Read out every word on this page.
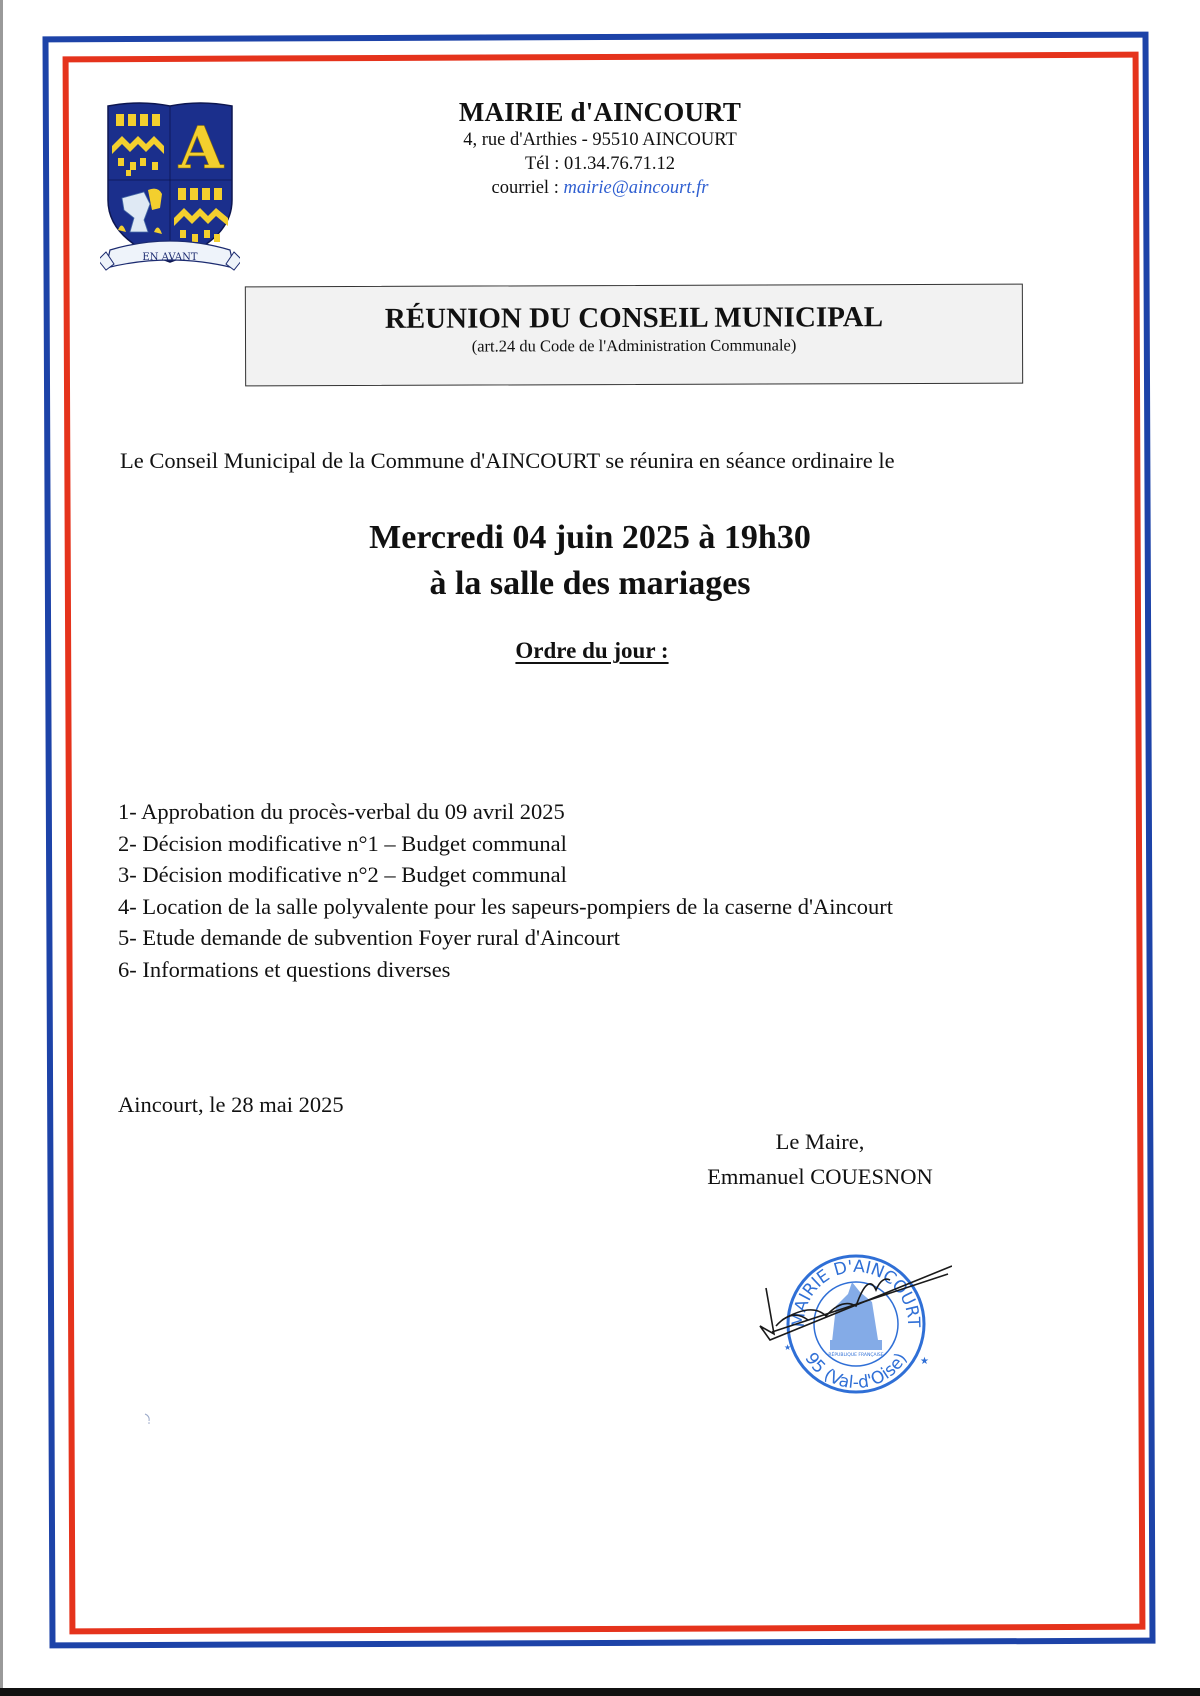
A
EN AVANT
MAIRIE d'AINCOURT
4, rue d'Arthies - 95510 AINCOURT
Tél : 01.34.76.71.12
courriel : mairie@aincourt.fr
RÉUNION DU CONSEIL MUNICIPAL
(art.24 du Code de l'Administration Communale)
Le Conseil Municipal de la Commune d'AINCOURT se réunira en séance ordinaire le
Mercredi 04 juin 2025 à 19h30
à la salle des mariages
Ordre du jour :
1- Approbation du procès-verbal du 09 avril 2025
2- Décision modificative n°1 – Budget communal
3- Décision modificative n°2 – Budget communal
4- Location de la salle polyvalente pour les sapeurs-pompiers de la caserne d'Aincourt
5- Etude demande de subvention Foyer rural d'Aincourt
6- Informations et questions diverses
Aincourt, le 28 mai 2025
Le Maire,
Emmanuel COUESNON
MAIRIE D'AINCOURT
95 (Val-d'Oise)
RÉPUBLIQUE FRANÇAISE
★
★
